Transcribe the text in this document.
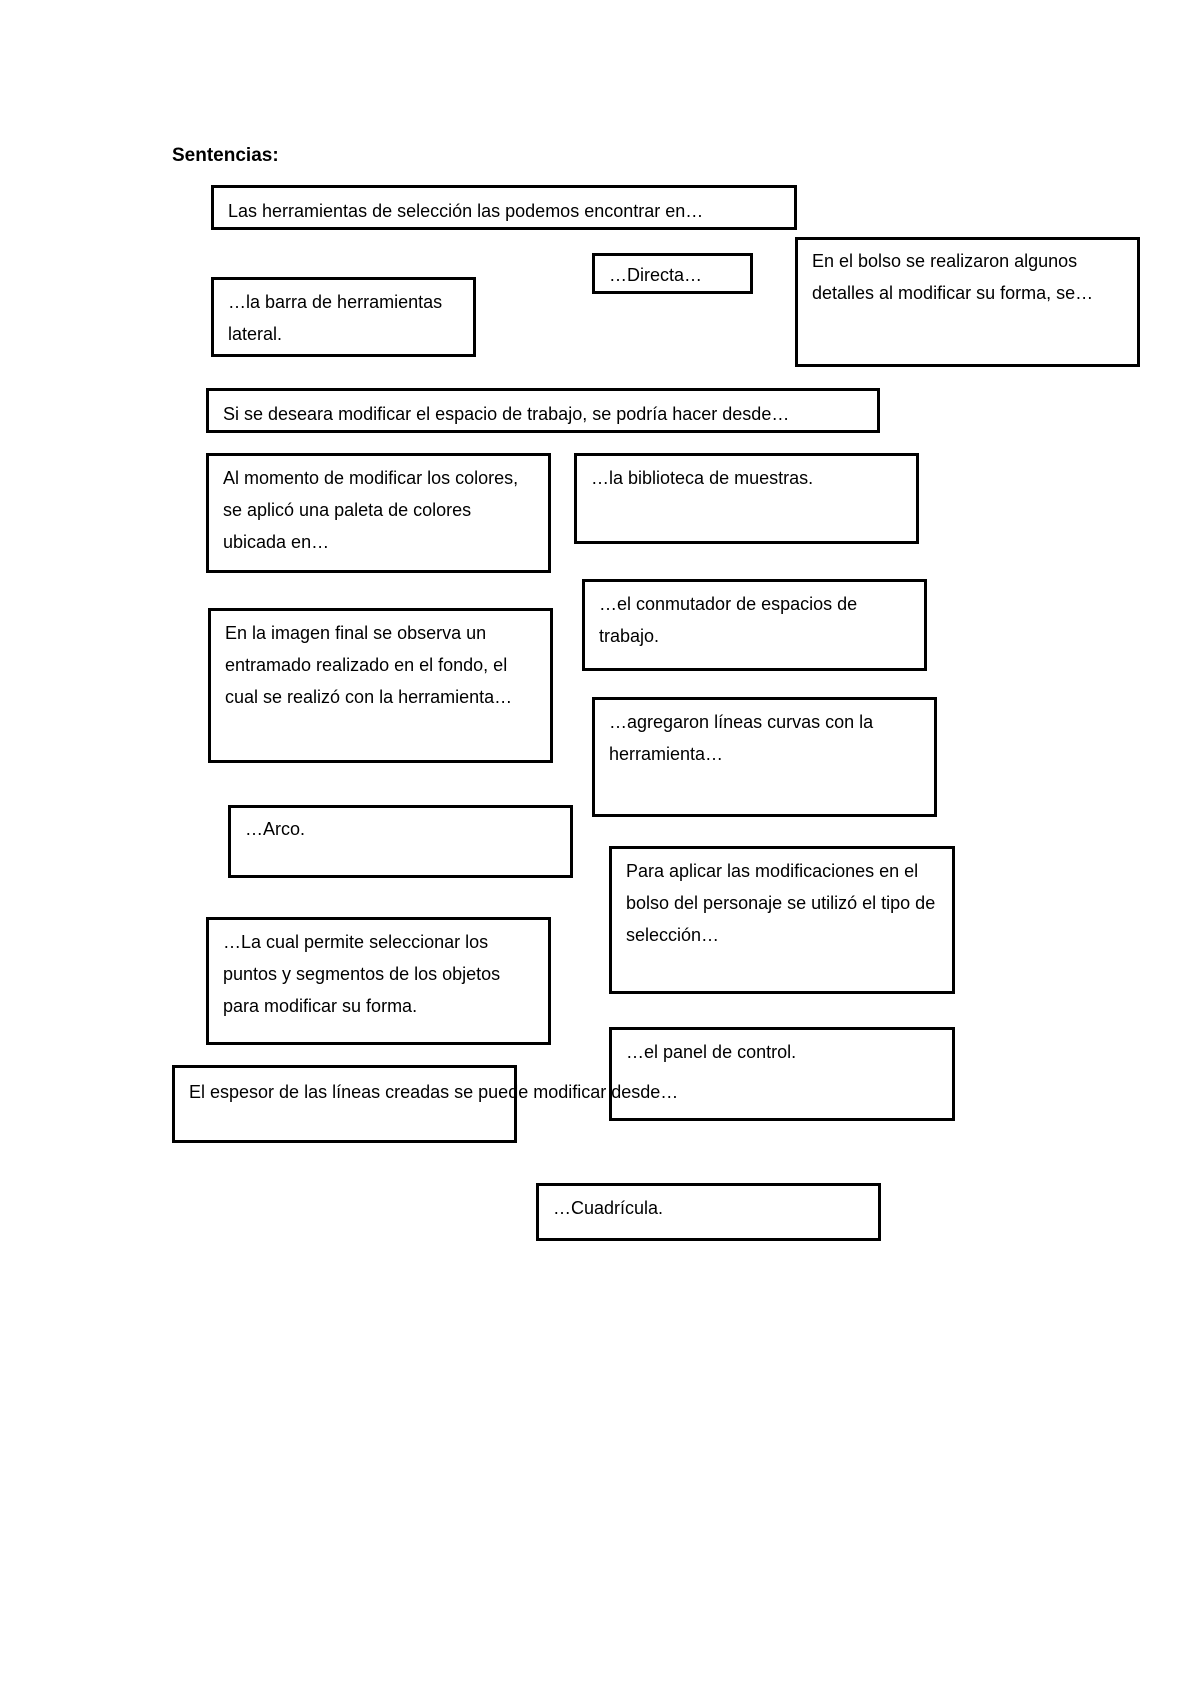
Sentencias:
Las herramientas de selección las podemos encontrar en…
…Directa…
En el bolso se realizaron algunos detalles al modificar su forma, se…
…la barra de herramientas lateral.
Si se deseara modificar el espacio de trabajo, se podría hacer desde…
Al momento de modificar los colores, se aplicó una paleta de colores ubicada en…
…la biblioteca de muestras.
…el conmutador de espacios de trabajo.
En la imagen final se observa un entramado realizado en el fondo, el cual se realizó con la herramienta…
…agregaron líneas curvas con la herramienta…
…Arco.
Para aplicar las modificaciones en el bolso del personaje se utilizó el tipo de selección…
…La cual permite seleccionar los puntos y segmentos de los objetos para modificar su forma.
…el panel de control.
El espesor de las líneas creadas se puede modificar desde…
…Cuadrícula.
